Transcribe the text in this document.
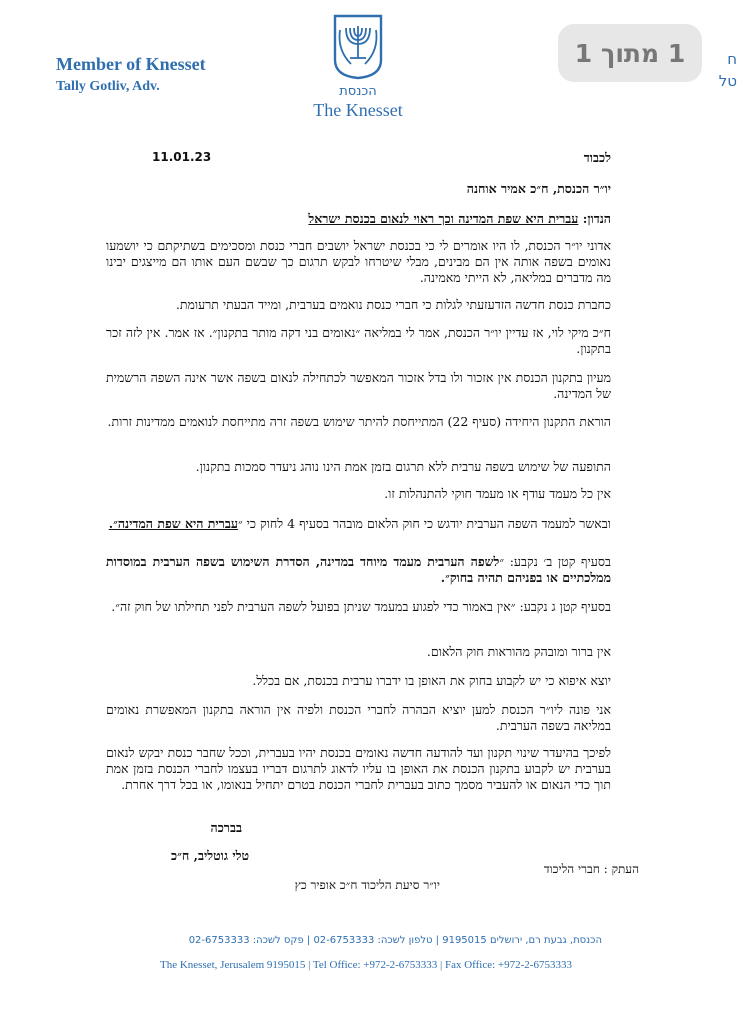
Member of Knesset
Tally Gotliv, Adv.	הכנסת
The Knesset
ח
טל
1 מתוך 1
11.01.23	לכבוד
יו״ר הכנסת, ח״כ אמיר אוחנה
הנדון: עברית היא שפת המדינה וכך ראוי לנאום בכנסת ישראל
אדוני יו״ר הכנסת, לו היו אומרים לי כי בכנסת ישראל יושבים חברי כנסת ומסכימים בשתיקתם כי יושמעו נאומים בשפה אותה אין הם מבינים, מבלי שיטרחו לבקש תרגום כך שבשם העם אותו הם מייצגים יבינו מה מדברים במליאה, לא הייתי מאמינה.
כחברת כנסת חדשה הזדעזעתי לגלות כי חברי כנסת נואמים בערבית, ומייד הבעתי תרעומת.
ח״כ מיקי לוי, אז עדיין יו״ר הכנסת, אמר לי במליאה ״נאומים בני דקה מותר בתקנון״. אז אמר. אין לזה זכר בתקנון.
מעיון בתקנון הכנסת אין אזכור ולו בדל אזכור המאפשר לכתחילה לנאום בשפה אשר אינה השפה הרשמית של המדינה.
הוראת התקנון היחידה (סעיף 22) המתייחסת להיתר שימוש בשפה זרה מתייחסת לנואמים ממדינות זרות.
התופעה של שימוש בשפה ערבית ללא תרגום בזמן אמת הינו נוהג ניעדר סמכות בתקנון.
אין כל מעמד עודף או מעמד חוקי להתנהלות זו.
ובאשר למעמד השפה הערבית יודגש כי חוק הלאום מובהר בסעיף 4 לחוק כי ״עברית היא שפת המדינה״.
בסעיף קטן ב׳ נקבע: ״לשפה הערבית מעמד מיוחד במדינה, הסדרת השימוש בשפה הערבית במוסדות ממלכתיים או בפניהם תהיה בחוק״.
בסעיף קטן ג נקבע: ״אין באמור כדי לפגוע במעמד שניתן בפועל לשפה הערבית לפני תחילתו של חוק זה״.
אין ברור ומובהק מהוראות חוק הלאום.
יוצא איפוא כי יש לקבוע בחוק את האופן בו ידברו ערבית בכנסת, אם בכלל.
אני פונה ליו״ר הכנסת למען יוציא הבהרה לחברי הכנסת ולפיה אין הוראה בתקנון המאפשרת נאומים במליאה בשפה הערבית.
לפיכך בהיעדר שינוי תקנון ועד להודעה חדשה נאומים בכנסת יהיו בעברית, וככל שחבר כנסת יבקש לנאום בערבית יש לקבוע בתקנון הכנסת את האופן בו עליו לדאוג לתרגום דבריו בעצמו לחברי הכנסת בזמן אמת תוך כדי הנאום או להעביר מסמך כתוב בעברית לחברי הכנסת בטרם יתחיל בנאומו, או בכל דרך אחרת.
בברכה
טלי גוטליב, ח״כ
העתק : חברי הליכוד
יו״ר סיעת הליכוד ח״כ אופיר כץ
הכנסת, גבעת רם, ירושלים 9195015 | טלפון לשכה: 02-6753333 | פקס לשכה: 02-6753333
The Knesset, Jerusalem 9195015 | Tel Office: +972-2-6753333 | Fax Office: +972-2-6753333
